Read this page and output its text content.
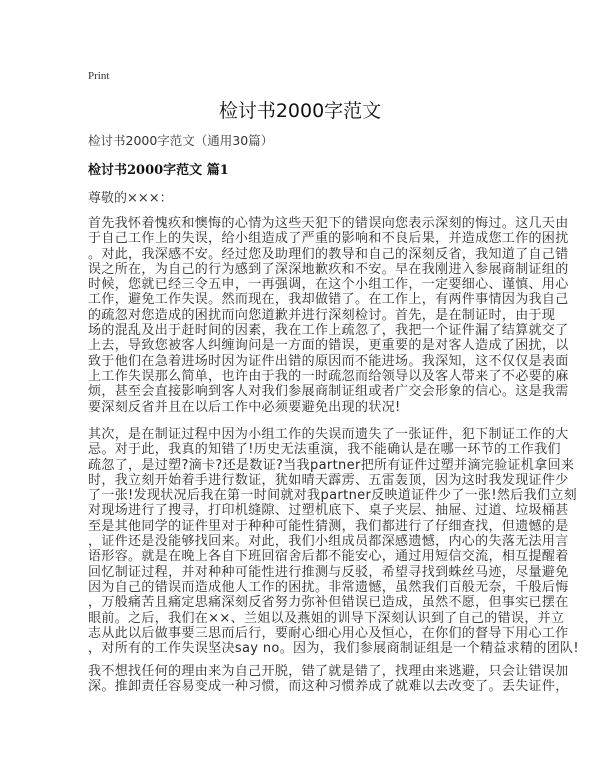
Print
检讨书2000字范文
检讨书2000字范文（通用30篇）
检讨书2000字范文 篇1
尊敬的×××：
首先我怀着愧疚和懊悔的心情为这些天犯下的错误向您表示深刻的悔过。这几天由
于自己工作上的失误，给小组造成了严重的影响和不良后果，并造成您工作的困扰
。对此，我深感不安。经过您及助理们的教导和自己的深刻反省，我知道了自己错
误之所在，为自己的行为感到了深深地歉疚和不安。早在我刚进入参展商制证组的
时候，您就已经三令五申，一再强调，在这个小组工作，一定要细心、谨慎、用心
工作，避免工作失误。然而现在，我却做错了。在工作上，有两件事情因为我自己
的疏忽对您造成的困扰而向您道歉并进行深刻检讨。首先，是在制证时，由于现
场的混乱及出于赶时间的因素，我在工作上疏忽了，我把一个证件漏了结算就交了
上去，导致您被客人纠缠询问是一方面的错误，更重要的是对客人造成了困扰，以
致于他们在急着进场时因为证件出错的原因而不能进场。我深知，这不仅仅是表面
上工作失误那么简单，也许由于我的一时疏忽而给领导以及客人带来了不必要的麻
烦，甚至会直接影响到客人对我们参展商制证组或者广交会形象的信心。这是我需
要深刻反省并且在以后工作中必须要避免出现的状况!
其次，是在制证过程中因为小组工作的失误而遗失了一张证件，犯下制证工作的大
忌。对于此，我真的知错了!历史无法重演，我不能确认是在哪一环节的工作我们
疏忽了，是过塑?滴卡?还是数证?当我partner把所有证件过塑并滴完验证机拿回来
时，我立刻开始着手进行数证，犹如晴天霹雳、五雷轰顶，因为这时我发现证件少
了一张!发现状况后我在第一时间就对我partner反映道证件少了一张!然后我们立刻
对现场进行了搜寻，打印机缝隙、过塑机底下、桌子夹层、抽屉、过道、垃圾桶甚
至是其他同学的证件里对于种种可能性猜测，我们都进行了仔细查找，但遗憾的是
，证件还是没能够找回来。对此，我们小组成员都深感遗憾，内心的失落无法用言
语形容。就是在晚上各自下班回宿舍后都不能安心，通过用短信交流，相互提醒着
回忆制证过程，并对种种可能性进行推测与反驳，希望寻找到蛛丝马迹，尽量避免
因为自己的错误而造成他人工作的困扰。非常遗憾，虽然我们百般无奈，千般后悔
，万般痛苦且痛定思痛深刻反省努力弥补但错误已造成，虽然不愿，但事实已摆在
眼前。之后，我们在××、兰姐以及燕姐的训导下深刻认识到了自己的错误，并立
志从此以后做事要三思而后行，要耐心细心用心及恒心，在你们的督导下用心工作
，对所有的工作失误坚决say no。因为，我们参展商制证组是一个精益求精的团队!
我不想找任何的理由来为自己开脱，错了就是错了，找理由来逃避，只会让错误加
深。推卸责任容易变成一种习惯，而这种习惯养成了就难以去改变了。丢失证件，
